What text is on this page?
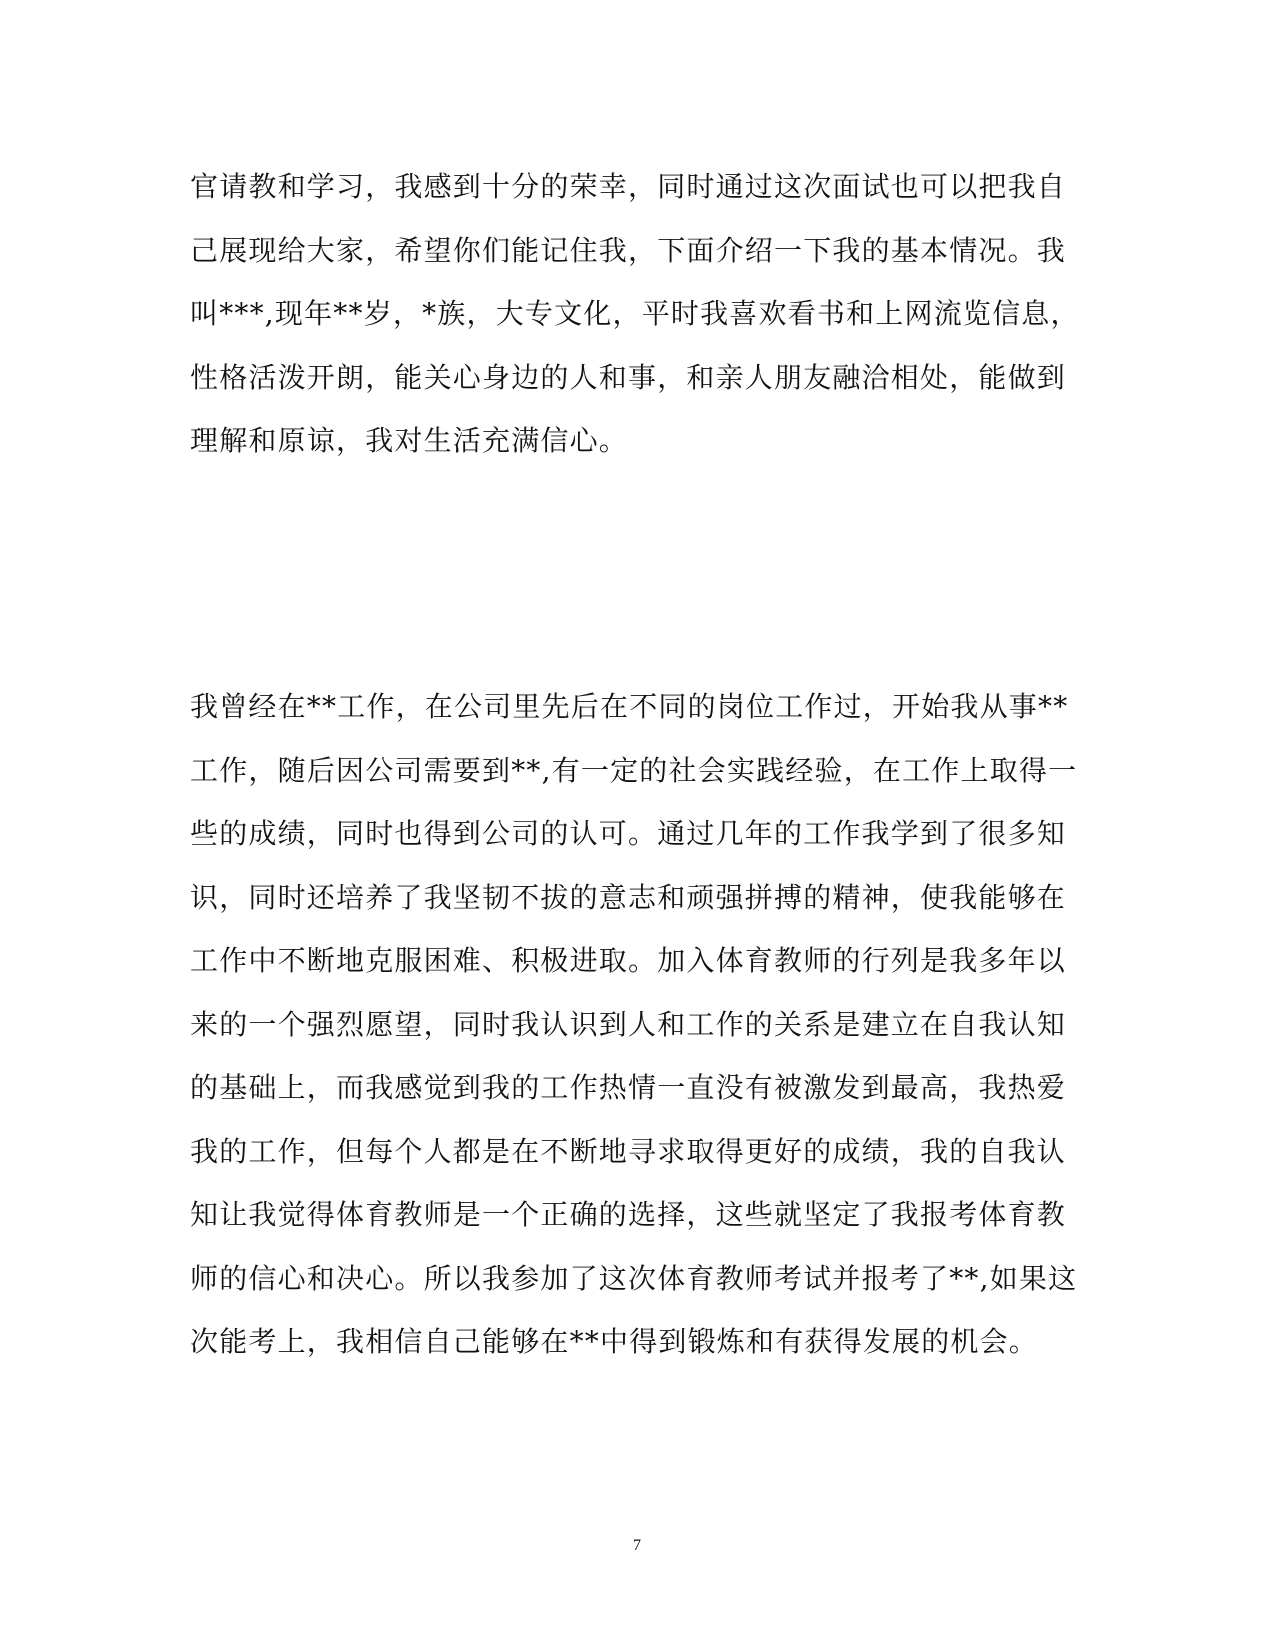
官请教和学习，我感到十分的荣幸，同时通过这次面试也可以把我自
己展现给大家，希望你们能记住我，下面介绍一下我的基本情况。我
叫***,现年**岁，*族，大专文化，平时我喜欢看书和上网流览信息，
性格活泼开朗，能关心身边的人和事，和亲人朋友融洽相处，能做到
理解和原谅，我对生活充满信心。
我曾经在**工作，在公司里先后在不同的岗位工作过，开始我从事**
工作，随后因公司需要到**,有一定的社会实践经验，在工作上取得一
些的成绩，同时也得到公司的认可。通过几年的工作我学到了很多知
识，同时还培养了我坚韧不拔的意志和顽强拼搏的精神，使我能够在
工作中不断地克服困难、积极进取。加入体育教师的行列是我多年以
来的一个强烈愿望，同时我认识到人和工作的关系是建立在自我认知
的基础上，而我感觉到我的工作热情一直没有被激发到最高，我热爱
我的工作，但每个人都是在不断地寻求取得更好的成绩，我的自我认
知让我觉得体育教师是一个正确的选择，这些就坚定了我报考体育教
师的信心和决心。所以我参加了这次体育教师考试并报考了**,如果这
次能考上，我相信自己能够在**中得到锻炼和有获得发展的机会。
7
